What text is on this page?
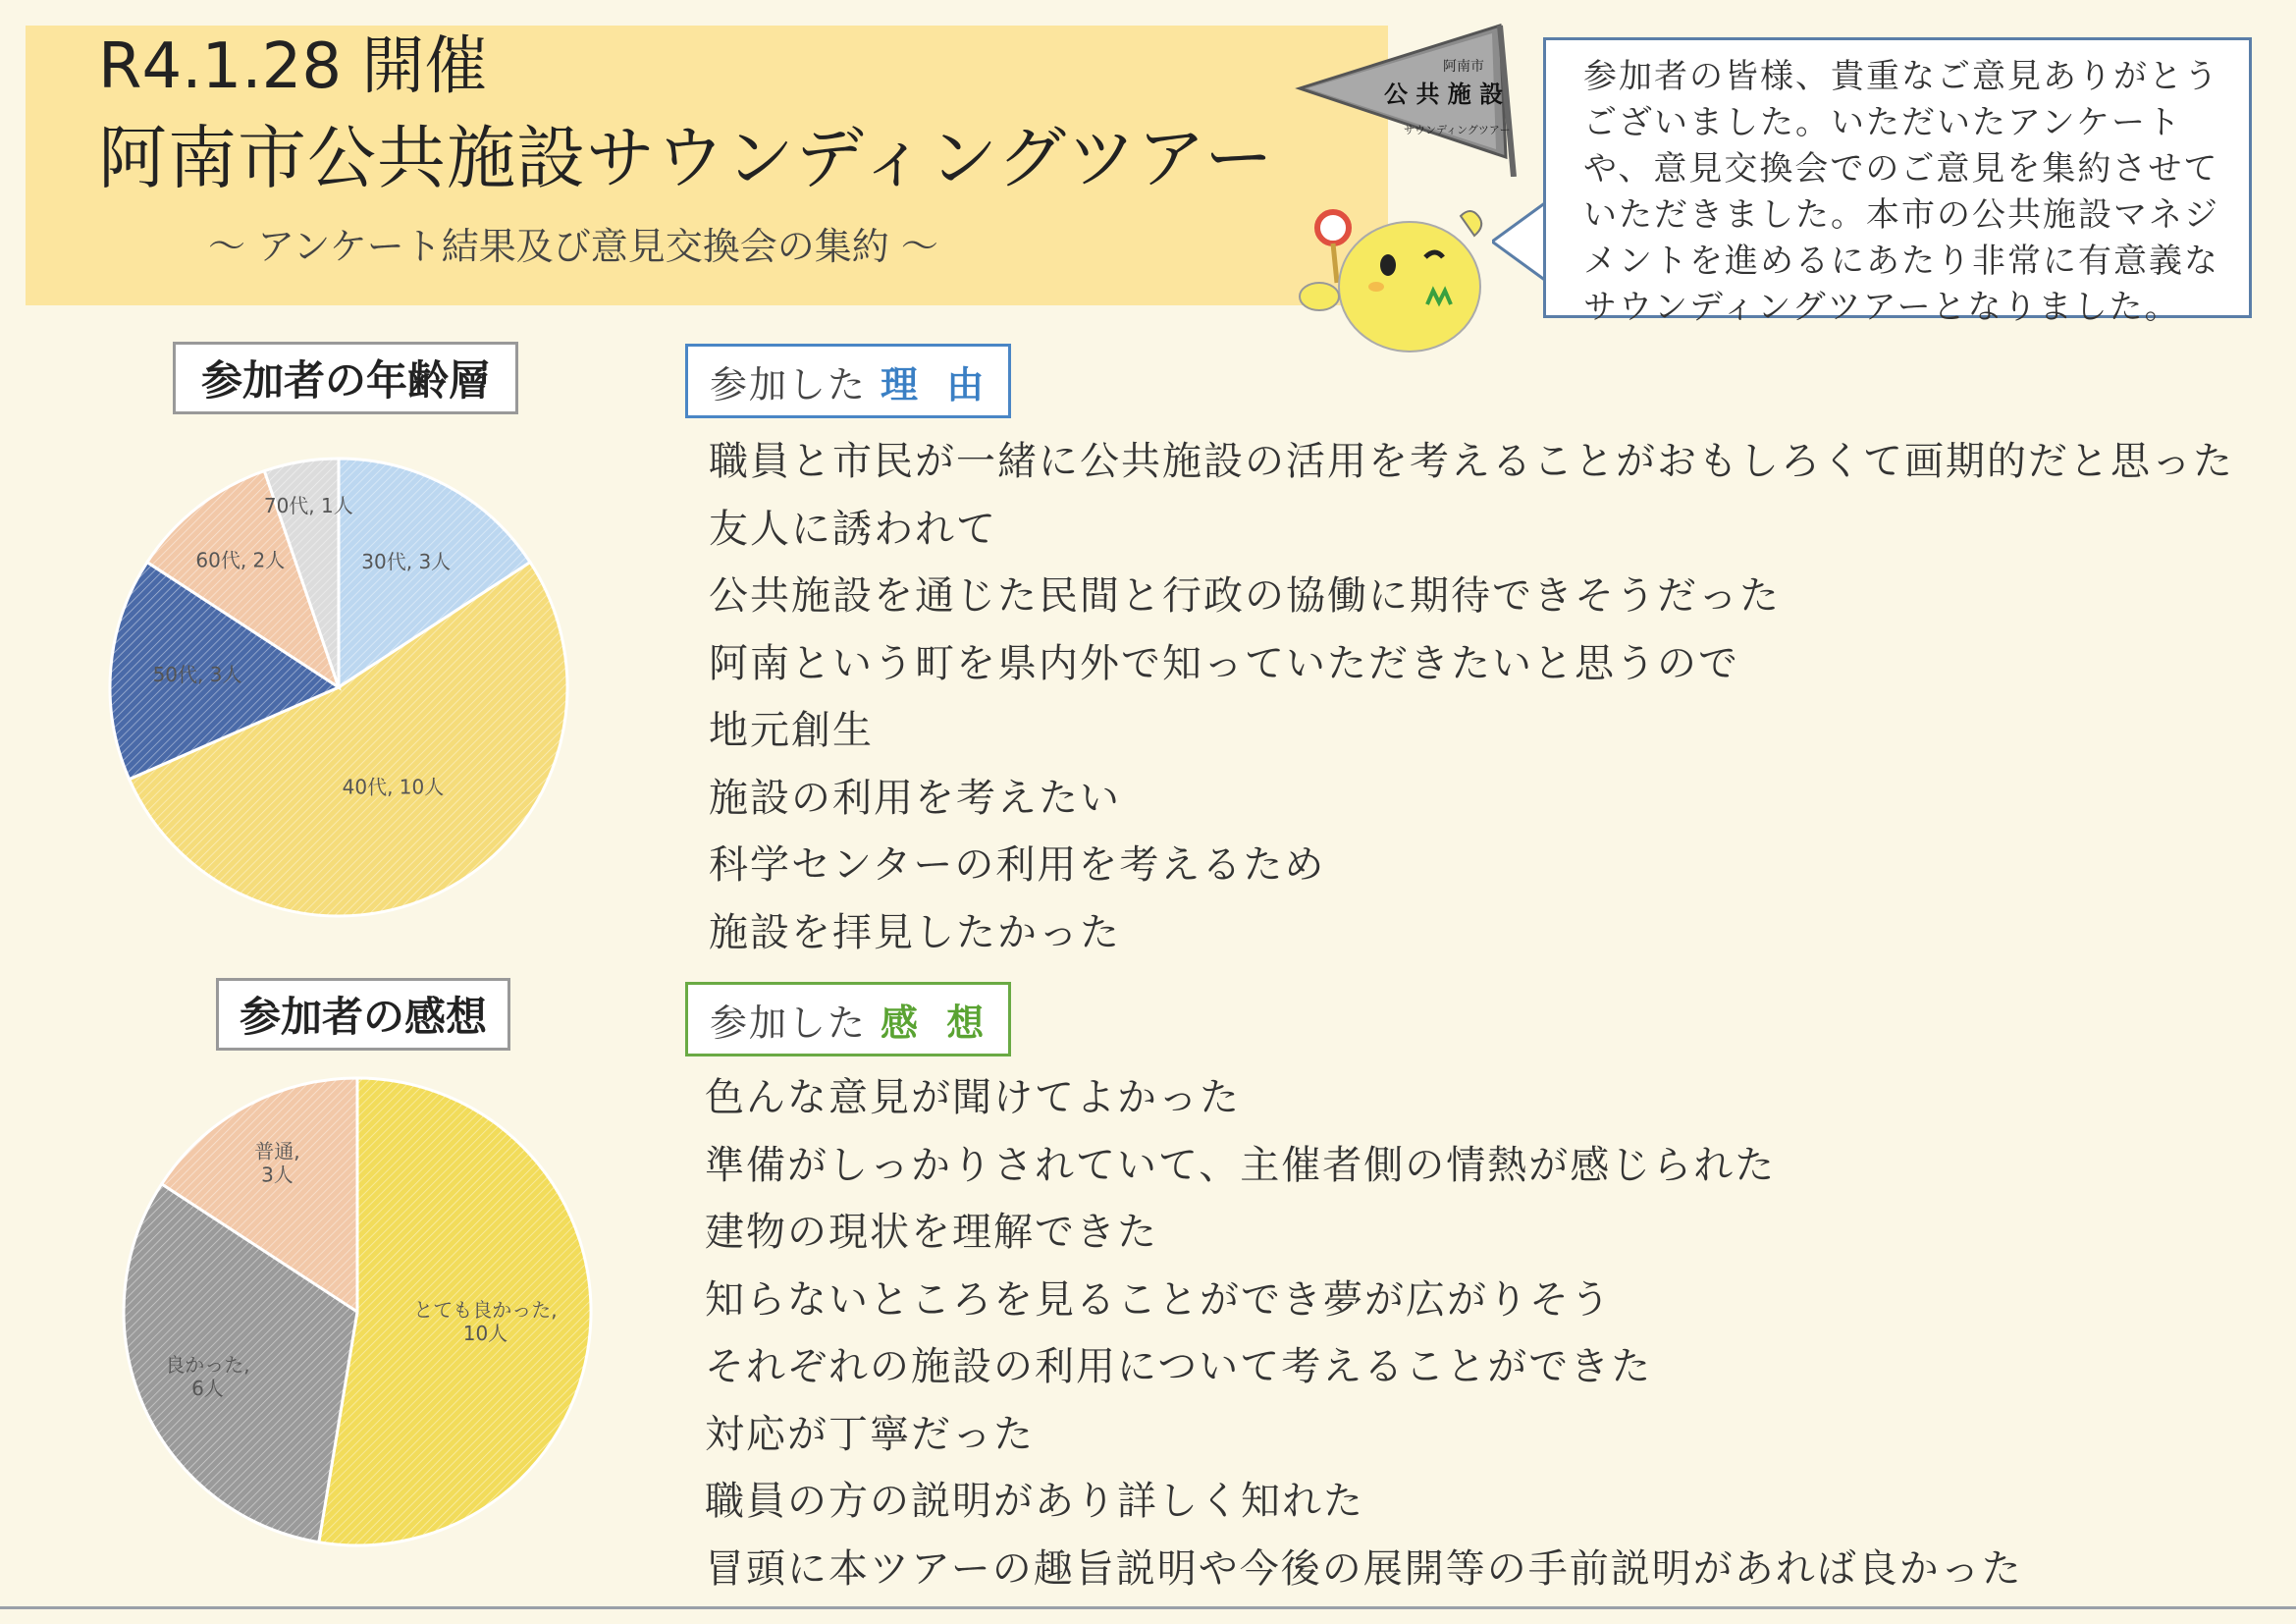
R4.1.28 開催
阿南市公共施設サウンディングツアー
〜 アンケート結果及び意見交換会の集約 〜
阿南市
公 共 施 設
サウンディングツアー
参加者の皆様、貴重なご意見ありがとうございました。いただいたアンケートや、意見交換会でのご意見を集約させていただきました。本市の公共施設マネジメントを進めるにあたり非常に有意義なサウンディングツアーとなりました。
参加者の年齢層
30代, 3人
40代, 10人
50代, 3人
60代, 2人
70代, 1人
参加者の感想
とても良かった, 10人
良かった, 6人
普通, 3人
参加した 理 由
職員と市民が一緒に公共施設の活用を考えることがおもしろくて画期的だと思った
友人に誘われて
公共施設を通じた民間と行政の協働に期待できそうだった
阿南という町を県内外で知っていただきたいと思うので
地元創生
施設の利用を考えたい
科学センターの利用を考えるため
施設を拝見したかった
参加した 感 想
色んな意見が聞けてよかった
準備がしっかりされていて、主催者側の情熱が感じられた
建物の現状を理解できた
知らないところを見ることができ夢が広がりそう
それぞれの施設の利用について考えることができた
対応が丁寧だった
職員の方の説明があり詳しく知れた
冒頭に本ツアーの趣旨説明や今後の展開等の手前説明があれば良かった
